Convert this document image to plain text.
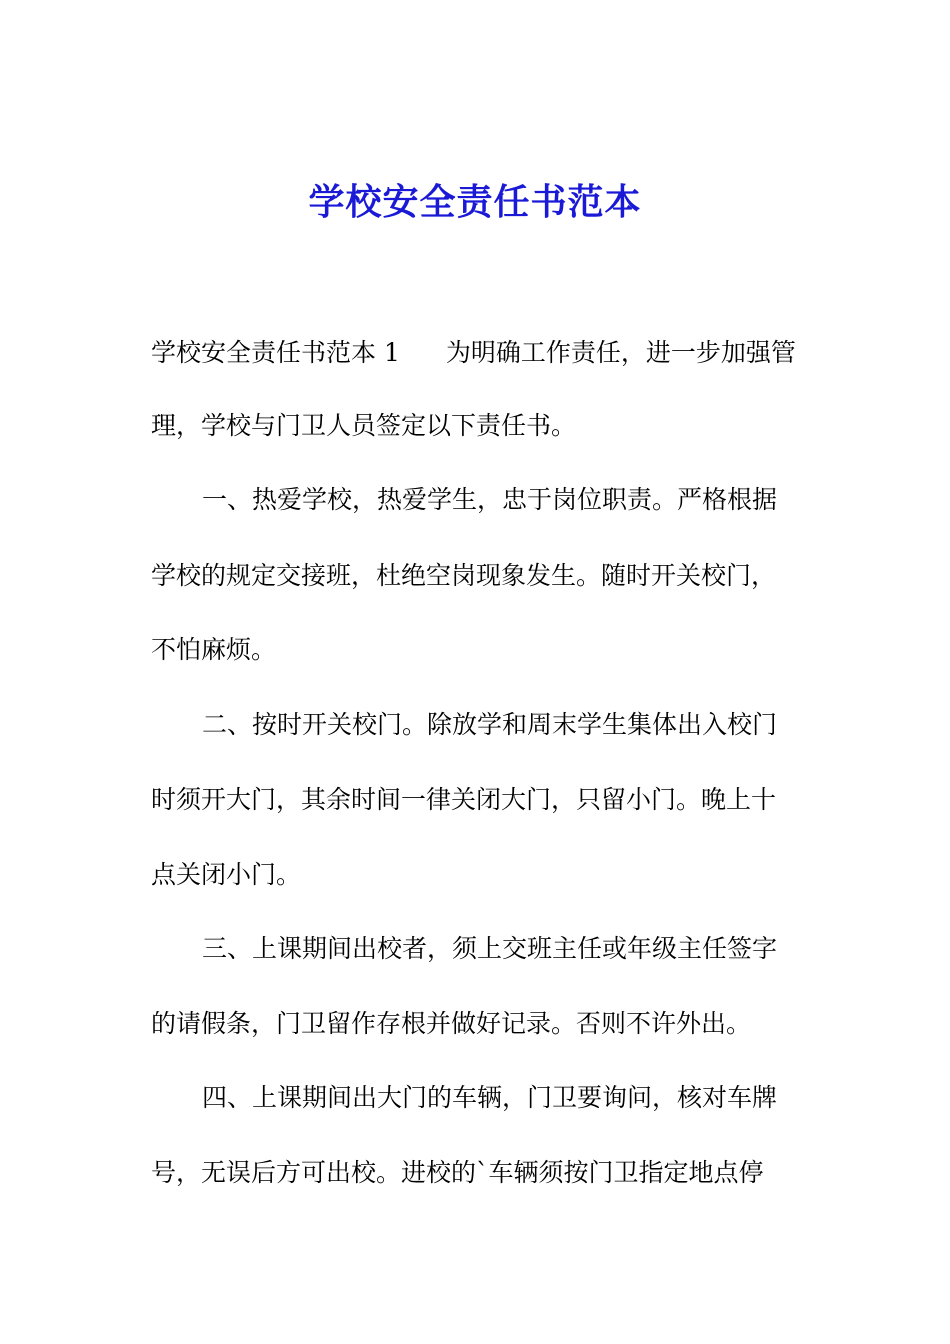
学校安全责任书范本
学校安全责任书范本 1 为明确工作责任，进一步加强管
理，学校与门卫人员签定以下责任书。
一、热爱学校，热爱学生，忠于岗位职责。严格根据
学校的规定交接班，杜绝空岗现象发生。随时开关校门，
不怕麻烦。
二、按时开关校门。除放学和周末学生集体出入校门
时须开大门，其余时间一律关闭大门，只留小门。晚上十
点关闭小门。
三、上课期间出校者，须上交班主任或年级主任签字
的请假条，门卫留作存根并做好记录。否则不许外出。
四、上课期间出大门的车辆，门卫要询问，核对车牌
号，无误后方可出校。进校的`车辆须按门卫指定地点停
